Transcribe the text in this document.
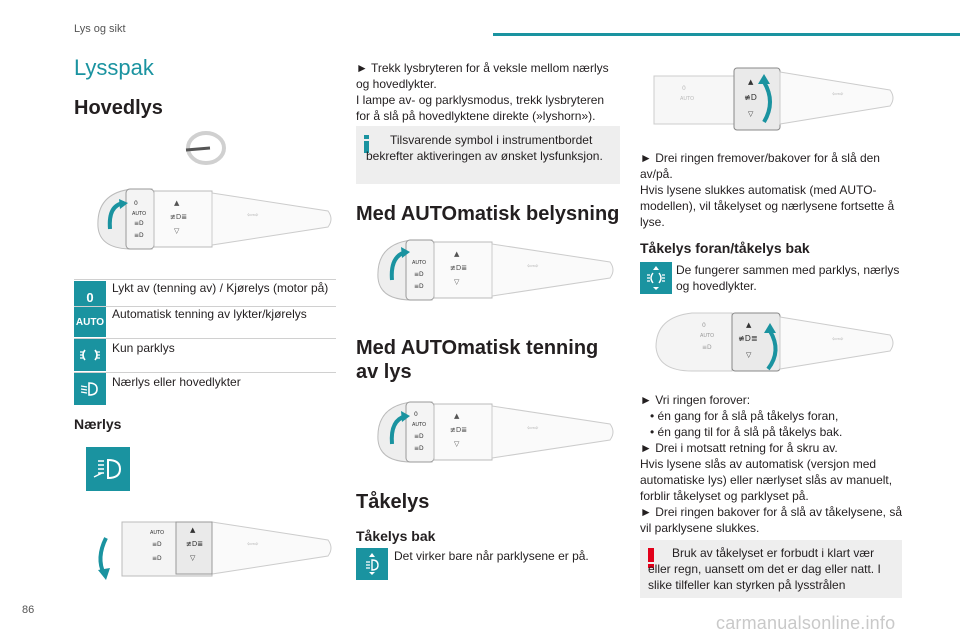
Lys og sikt
Lysspak
Hovedlys
0
AUTO
≡D
≡D
▲
≢D≣
▽
⇦⇨
0
Lykt av (tenning av) / Kjørelys (motor på)
AUTO
Automatisk tenning av lykter/kjørelys
Kun parklys
Nærlys eller hovedlykter
Nærlys
AUTO
≡D
≡D
▲
≢D≣
▽
⇦⇨
► Trekk lysbryteren for å veksle mellom nærlys og hovedlykter.
I lampe av- og parklysmodus, trekk lysbryteren for å slå på hovedlyktene direkte (»lyshorn»).
Tilsvarende symbol i instrumentbordet bekrefter aktiveringen av ønsket lysfunksjon.
Med AUTOmatisk belysning
AUTO
≡D
≡D
▲
≢D≣
▽
⇦⇨
Med AUTOmatisk tenning av lys
0
AUTO
≡D
≡D
▲
≢D≣
▽
⇦⇨
Tåkelys
Tåkelys bak
Det virker bare når parklysene er på.
0
AUTO
▲
≢D
▽
⇦⇨
► Drei ringen fremover/bakover for å slå den av/på.
Hvis lysene slukkes automatisk (med AUTO-modellen), vil tåkelyset og nærlysene fortsette å lyse.
Tåkelys foran/tåkelys bak
De fungerer sammen med parklys, nærlys og hovedlykter.
0
AUTO
≡D
▲
≢D≣
▽
⇦⇨
► Vri ringen forover:
• én gang for å slå på tåkelys foran,
• én gang til for å slå på tåkelys bak.
► Drei i motsatt retning for å skru av.
Hvis lysene slås av automatisk (versjon med automatiske lys) eller nærlyset slås av manuelt, forblir tåkelyset og parklyset på.
► Drei ringen bakover for å slå av tåkelysene, så vil parklysene slukkes.
Bruk av tåkelyset er forbudt i klart vær eller regn, uansett om det er dag eller natt. I slike tilfeller kan styrken på lysstrålen
86
carmanualsonline.info
